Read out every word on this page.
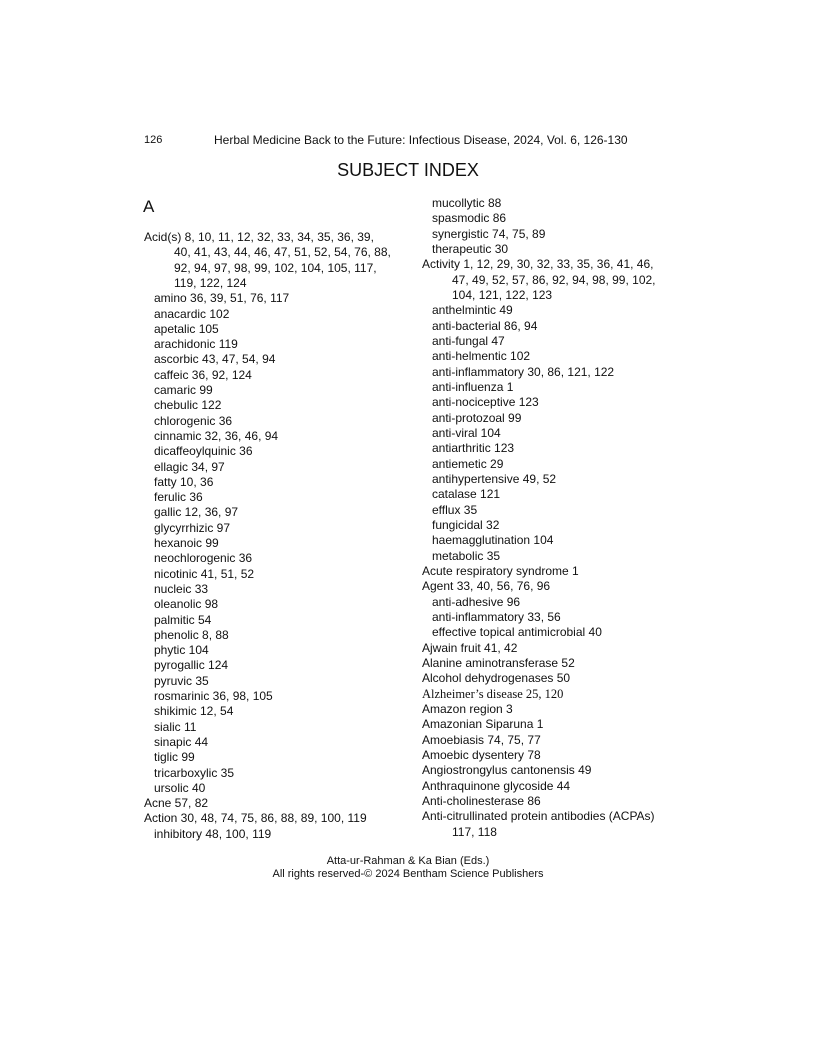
126	Herbal Medicine Back to the Future: Infectious Disease, 2024, Vol. 6, 126-130
SUBJECT INDEX
A
Acid(s) 8, 10, 11, 12, 32, 33, 34, 35, 36, 39,
40, 41, 43, 44, 46, 47, 51, 52, 54, 76, 88,
92, 94, 97, 98, 99, 102, 104, 105, 117,
119, 122, 124
amino 36, 39, 51, 76, 117
anacardic 102
apetalic 105
arachidonic 119
ascorbic 43, 47, 54, 94
caffeic 36, 92, 124
camaric 99
chebulic 122
chlorogenic 36
cinnamic 32, 36, 46, 94
dicaffeoylquinic 36
ellagic 34, 97
fatty 10, 36
ferulic 36
gallic 12, 36, 97
glycyrrhizic 97
hexanoic 99
neochlorogenic 36
nicotinic 41, 51, 52
nucleic 33
oleanolic 98
palmitic 54
phenolic 8, 88
phytic 104
pyrogallic 124
pyruvic 35
rosmarinic 36, 98, 105
shikimic 12, 54
sialic 11
sinapic 44
tiglic 99
tricarboxylic 35
ursolic 40
Acne 57, 82
Action 30, 48, 74, 75, 86, 88, 89, 100, 119
inhibitory 48, 100, 119
mucollytic 88
spasmodic 86
synergistic 74, 75, 89
therapeutic 30
Activity 1, 12, 29, 30, 32, 33, 35, 36, 41, 46,
47, 49, 52, 57, 86, 92, 94, 98, 99, 102,
104, 121, 122, 123
anthelmintic 49
anti-bacterial 86, 94
anti-fungal 47
anti-helmentic 102
anti-inflammatory 30, 86, 121, 122
anti-influenza 1
anti-nociceptive 123
anti-protozoal 99
anti-viral 104
antiarthritic 123
antiemetic 29
antihypertensive 49, 52
catalase 121
efflux 35
fungicidal 32
haemagglutination 104
metabolic 35
Acute respiratory syndrome 1
Agent 33, 40, 56, 76, 96
anti-adhesive 96
anti-inflammatory 33, 56
effective topical antimicrobial 40
Ajwain fruit 41, 42
Alanine aminotransferase 52
Alcohol dehydrogenases 50
Alzheimer’s disease 25, 120
Amazon region 3
Amazonian Siparuna 1
Amoebiasis 74, 75, 77
Amoebic dysentery 78
Angiostrongylus cantonensis 49
Anthraquinone glycoside 44
Anti-cholinesterase 86
Anti-citrullinated protein antibodies (ACPAs)
117, 118
Atta-ur-Rahman & Ka Bian (Eds.)
All rights reserved-© 2024 Bentham Science Publishers
